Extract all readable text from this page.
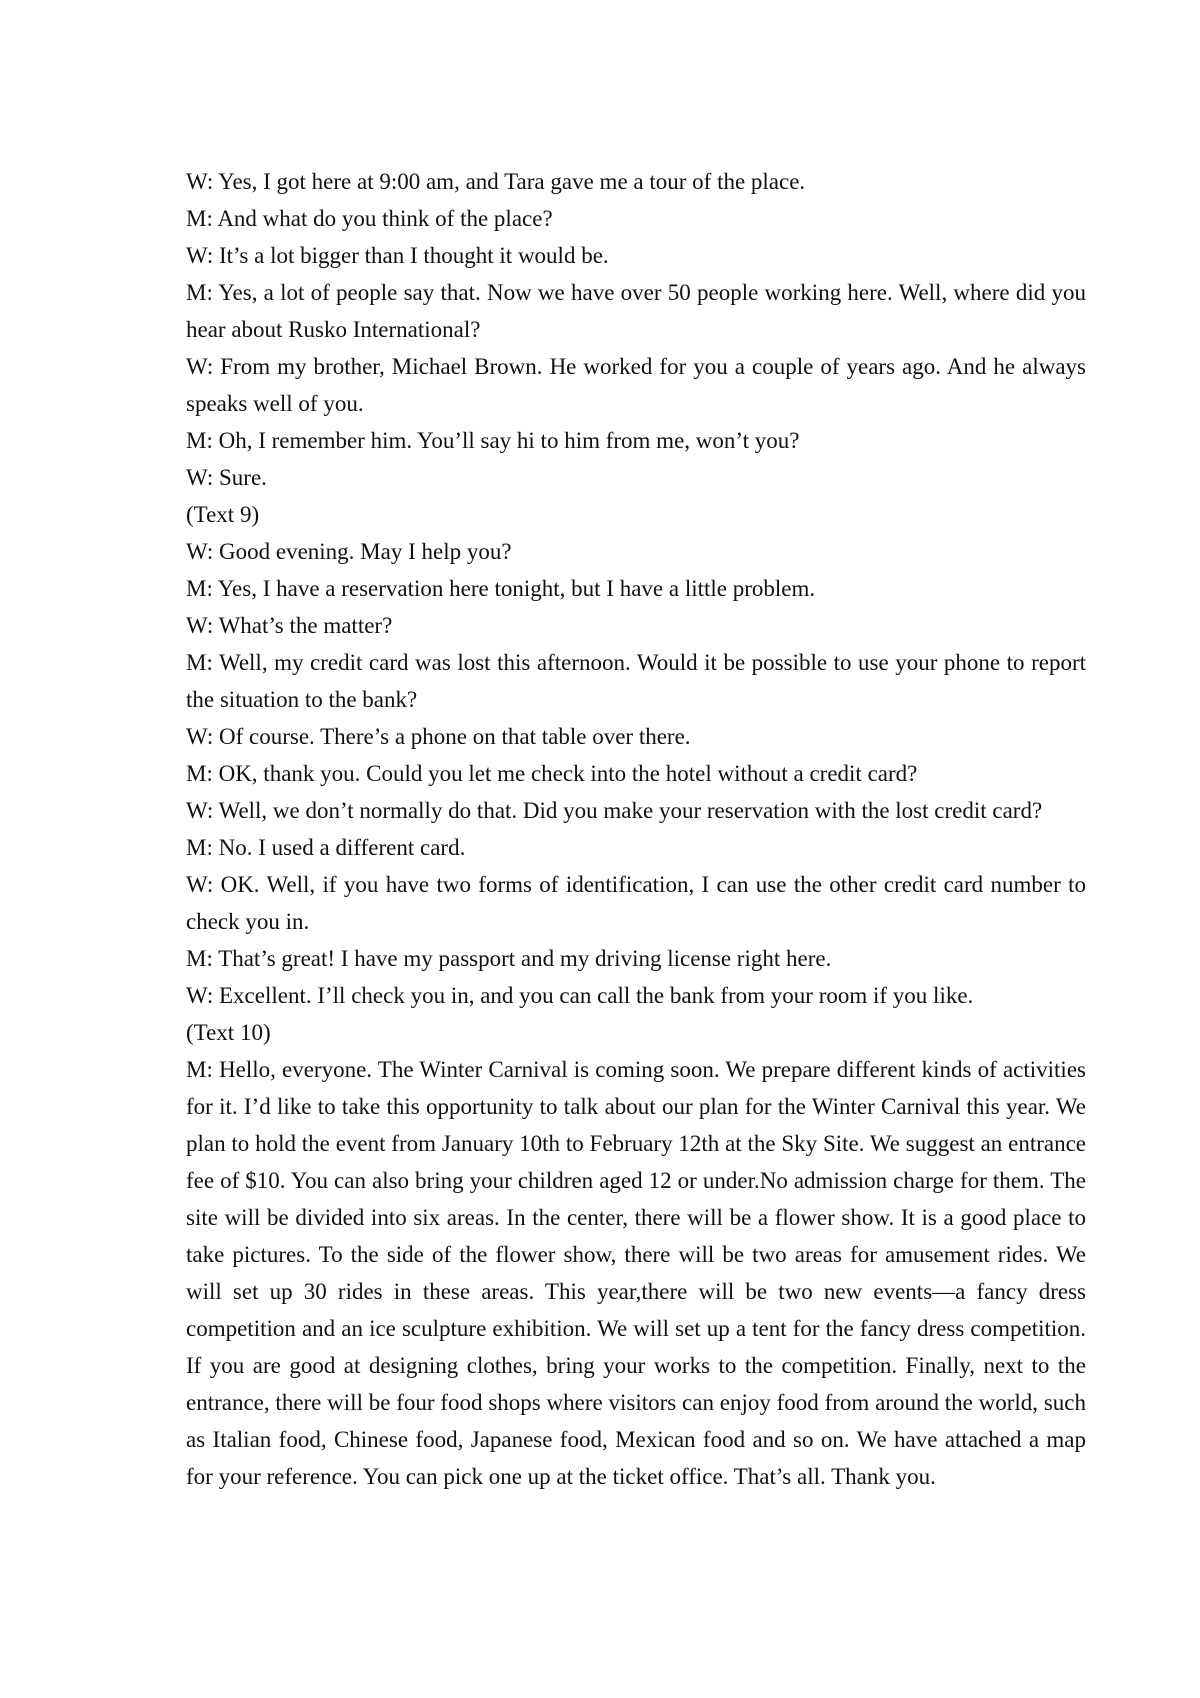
W: Yes, I got here at 9:00 am, and Tara gave me a tour of the place.

M: And what do you think of the place?

W: It’s a lot bigger than I thought it would be.

M: Yes, a lot of people say that. Now we have over 50 people working here. Well, where did you hear about Rusko International?

W: From my brother, Michael Brown. He worked for you a couple of years ago. And he always speaks well of you.

M: Oh, I remember him. You’ll say hi to him from me, won’t you?

W: Sure.

(Text 9)

W: Good evening. May I help you?

M: Yes, I have a reservation here tonight, but I have a little problem.

W: What’s the matter?

M: Well, my credit card was lost this afternoon. Would it be possible to use your phone to report the situation to the bank?

W: Of course. There’s a phone on that table over there.

M: OK, thank you. Could you let me check into the hotel without a credit card?

W: Well, we don’t normally do that. Did you make your reservation with the lost credit card?

M: No. I used a different card.

W: OK. Well, if you have two forms of identification, I can use the other credit card number to check you in.

M: That’s great! I have my passport and my driving license right here.

W: Excellent. I’ll check you in, and you can call the bank from your room if you like.

(Text 10)

M: Hello, everyone. The Winter Carnival is coming soon. We prepare different kinds of activities for it. I’d like to take this opportunity to talk about our plan for the Winter Carnival this year. We plan to hold the event from January 10th to February 12th at the Sky Site. We suggest an entrance fee of $10. You can also bring your children aged 12 or under.No admission charge for them. The site will be divided into six areas. In the center, there will be a flower show. It is a good place to take pictures. To the side of the flower show, there will be two areas for amusement rides. We will set up 30 rides in these areas. This year,there will be two new events—a fancy dress competition and an ice sculpture exhibition. We will set up a tent for the fancy dress competition. If you are good at designing clothes, bring your works to the competition. Finally, next to the entrance, there will be four food shops where visitors can enjoy food from around the world, such as Italian food, Chinese food, Japanese food, Mexican food and so on. We have attached a map for your reference. You can pick one up at the ticket office. That’s all. Thank you.
